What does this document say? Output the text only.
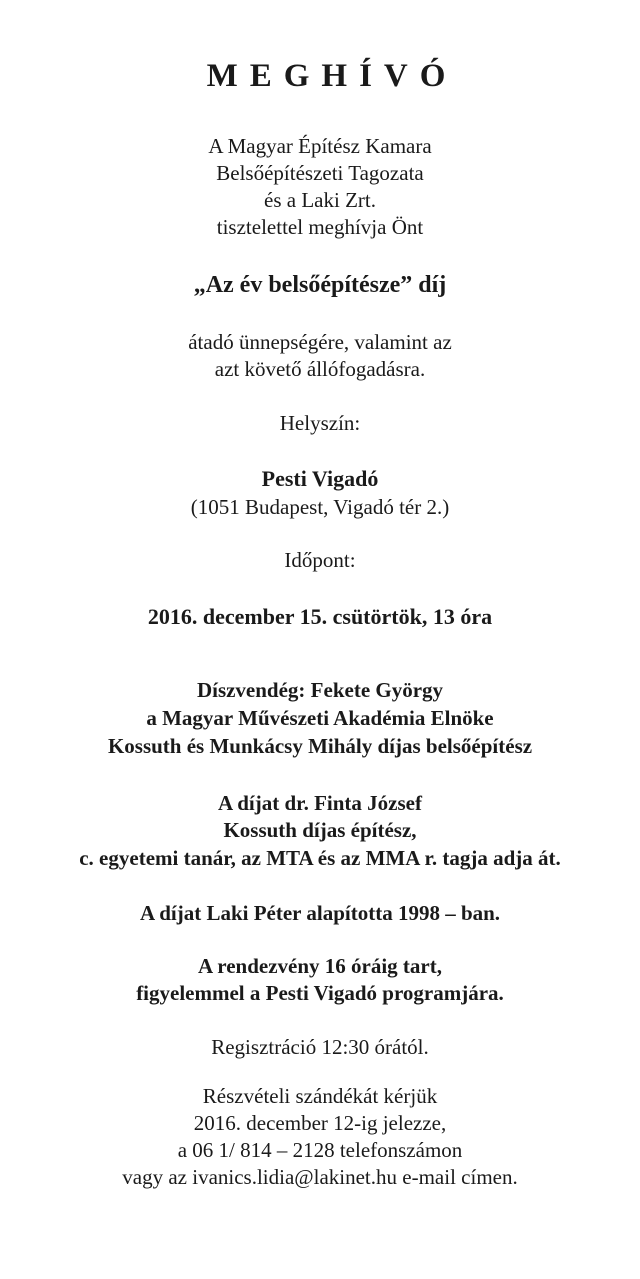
MEGHÍVÓ

A Magyar Építész Kamara

Belsőépítészeti Tagozata

és a Laki Zrt.

tisztelettel meghívja Önt

„Az év belsőépítésze” díj

átadó ünnepségére, valamint az

azt követő állófogadásra.

Helyszín:

Pesti Vigadó

(1051 Budapest, Vigadó tér 2.)

Időpont:

2016. december 15. csütörtök, 13 óra

Díszvendég: Fekete György

a Magyar Művészeti Akadémia Elnöke

Kossuth és Munkácsy Mihály díjas belsőépítész

A díjat dr. Finta József

Kossuth díjas építész,

c. egyetemi tanár, az MTA és az MMA r. tagja adja át.

A díjat Laki Péter alapította 1998 – ban.

A rendezvény 16 óráig tart,

figyelemmel a Pesti Vigadó programjára.

Regisztráció 12:30 órától.

Részvételi szándékát kérjük

2016. december 12-ig jelezze,

a 06 1/ 814 – 2128 telefonszámon

vagy az ivanics.lidia@lakinet.hu e-mail címen.
